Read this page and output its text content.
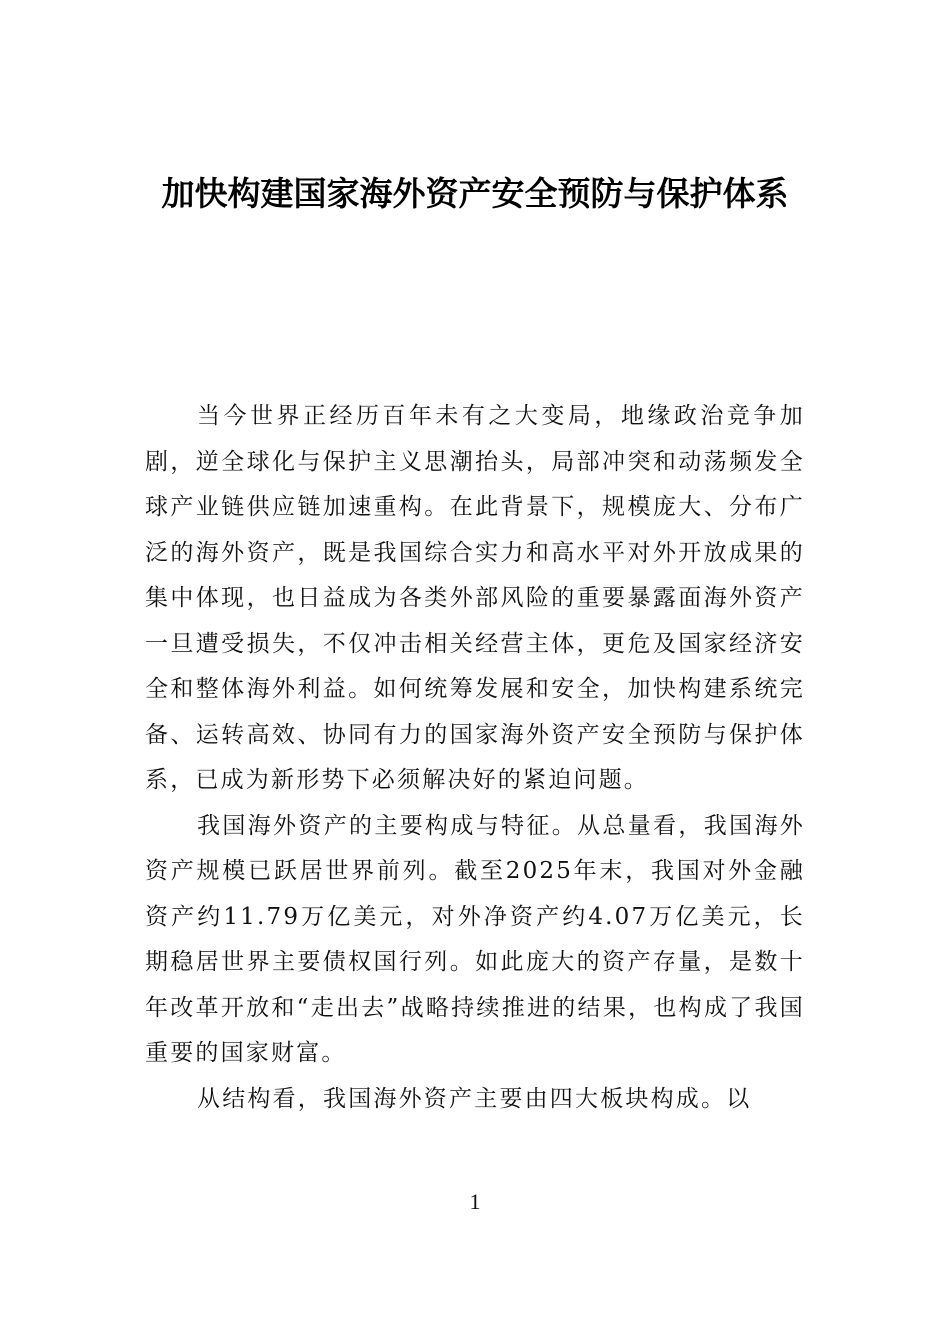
加快构建国家海外资产安全预防与保护体系

当今世界正经历百年未有之大变局，地缘政治竞争加剧，逆全球化与保护主义思潮抬头，局部冲突和动荡频发全球产业链供应链加速重构。在此背景下，规模庞大、分布广泛的海外资产，既是我国综合实力和高水平对外开放成果的集中体现，也日益成为各类外部风险的重要暴露面海外资产一旦遭受损失，不仅冲击相关经营主体，更危及国家经济安全和整体海外利益。如何统筹发展和安全，加快构建系统完备、运转高效、协同有力的国家海外资产安全预防与保护体系，已成为新形势下必须解决好的紧迫问题。

我国海外资产的主要构成与特征。从总量看，我国海外资产规模已跃居世界前列。截至2025年末，我国对外金融资产约11.79万亿美元，对外净资产约4.07万亿美元，长期稳居世界主要债权国行列。如此庞大的资产存量，是数十年改革开放和“走出去”战略持续推进的结果，也构成了我国重要的国家财富。

从结构看，我国海外资产主要由四大板块构成。以

1
